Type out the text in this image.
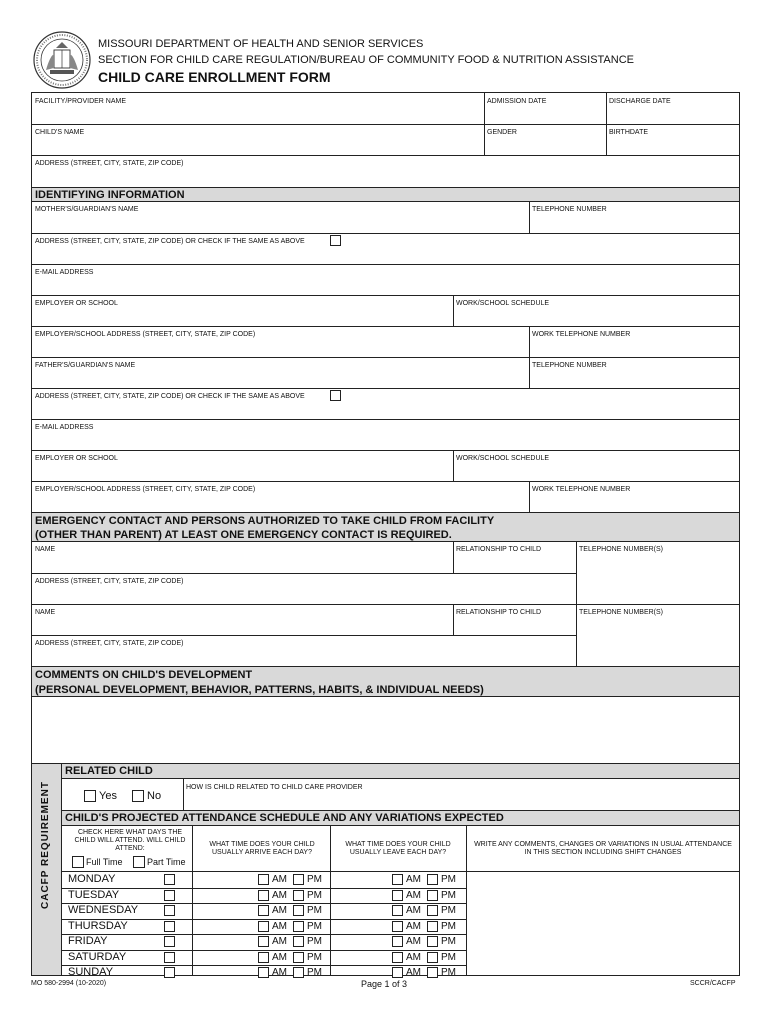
MISSOURI DEPARTMENT OF HEALTH AND SENIOR SERVICES
SECTION FOR CHILD CARE REGULATION/BUREAU OF COMMUNITY FOOD & NUTRITION ASSISTANCE
CHILD CARE ENROLLMENT FORM
FACILITY/PROVIDER NAME	ADMISSION DATE	DISCHARGE DATE
CHILD'S NAME	GENDER	BIRTHDATE
ADDRESS (STREET, CITY, STATE, ZIP CODE)
IDENTIFYING INFORMATION
MOTHER'S/GUARDIAN'S NAME	TELEPHONE NUMBER
ADDRESS (STREET, CITY, STATE, ZIP CODE) OR CHECK IF THE SAME AS ABOVE
E-MAIL ADDRESS
EMPLOYER OR SCHOOL	WORK/SCHOOL SCHEDULE
EMPLOYER/SCHOOL ADDRESS (STREET, CITY, STATE, ZIP CODE)	WORK TELEPHONE NUMBER
FATHER'S/GUARDIAN'S NAME	TELEPHONE NUMBER
ADDRESS (STREET, CITY, STATE, ZIP CODE) OR CHECK IF THE SAME AS ABOVE
E-MAIL ADDRESS
EMPLOYER OR SCHOOL	WORK/SCHOOL SCHEDULE
EMPLOYER/SCHOOL ADDRESS (STREET, CITY, STATE, ZIP CODE)	WORK TELEPHONE NUMBER
EMERGENCY CONTACT AND PERSONS AUTHORIZED TO TAKE CHILD FROM FACILITY
(OTHER THAN PARENT) AT LEAST ONE EMERGENCY CONTACT IS REQUIRED.
NAME	RELATIONSHIP TO CHILD	TELEPHONE NUMBER(S)
ADDRESS (STREET, CITY, STATE, ZIP CODE)
NAME	RELATIONSHIP TO CHILD	TELEPHONE NUMBER(S)
ADDRESS (STREET, CITY, STATE, ZIP CODE)
COMMENTS ON CHILD'S DEVELOPMENT
(PERSONAL DEVELOPMENT, BEHAVIOR, PATTERNS, HABITS, & INDIVIDUAL NEEDS)
CACFP REQUIREMENT
RELATED CHILD
Yes	No
HOW IS CHILD RELATED TO CHILD CARE PROVIDER
CHILD'S PROJECTED ATTENDANCE SCHEDULE AND ANY VARIATIONS EXPECTED
CHECK HERE WHAT DAYS THE CHILD WILL ATTEND. WILL CHILD ATTEND:
Full Time	Part Time
WHAT TIME DOES YOUR CHILD USUALLY ARRIVE EACH DAY?
WHAT TIME DOES YOUR CHILD USUALLY LEAVE EACH DAY?
WRITE ANY COMMENTS, CHANGES OR VARIATIONS IN USUAL ATTENDANCE IN THIS SECTION INCLUDING SHIFT CHANGES
MONDAY	AM PM	AM PM
TUESDAY	AM PM	AM PM
WEDNESDAY	AM PM	AM PM
THURSDAY	AM PM	AM PM
FRIDAY	AM PM	AM PM
SATURDAY	AM PM	AM PM
SUNDAY	AM PM	AM PM
MO 580-2994 (10-2020)	Page 1 of 3	SCCR/CACFP
